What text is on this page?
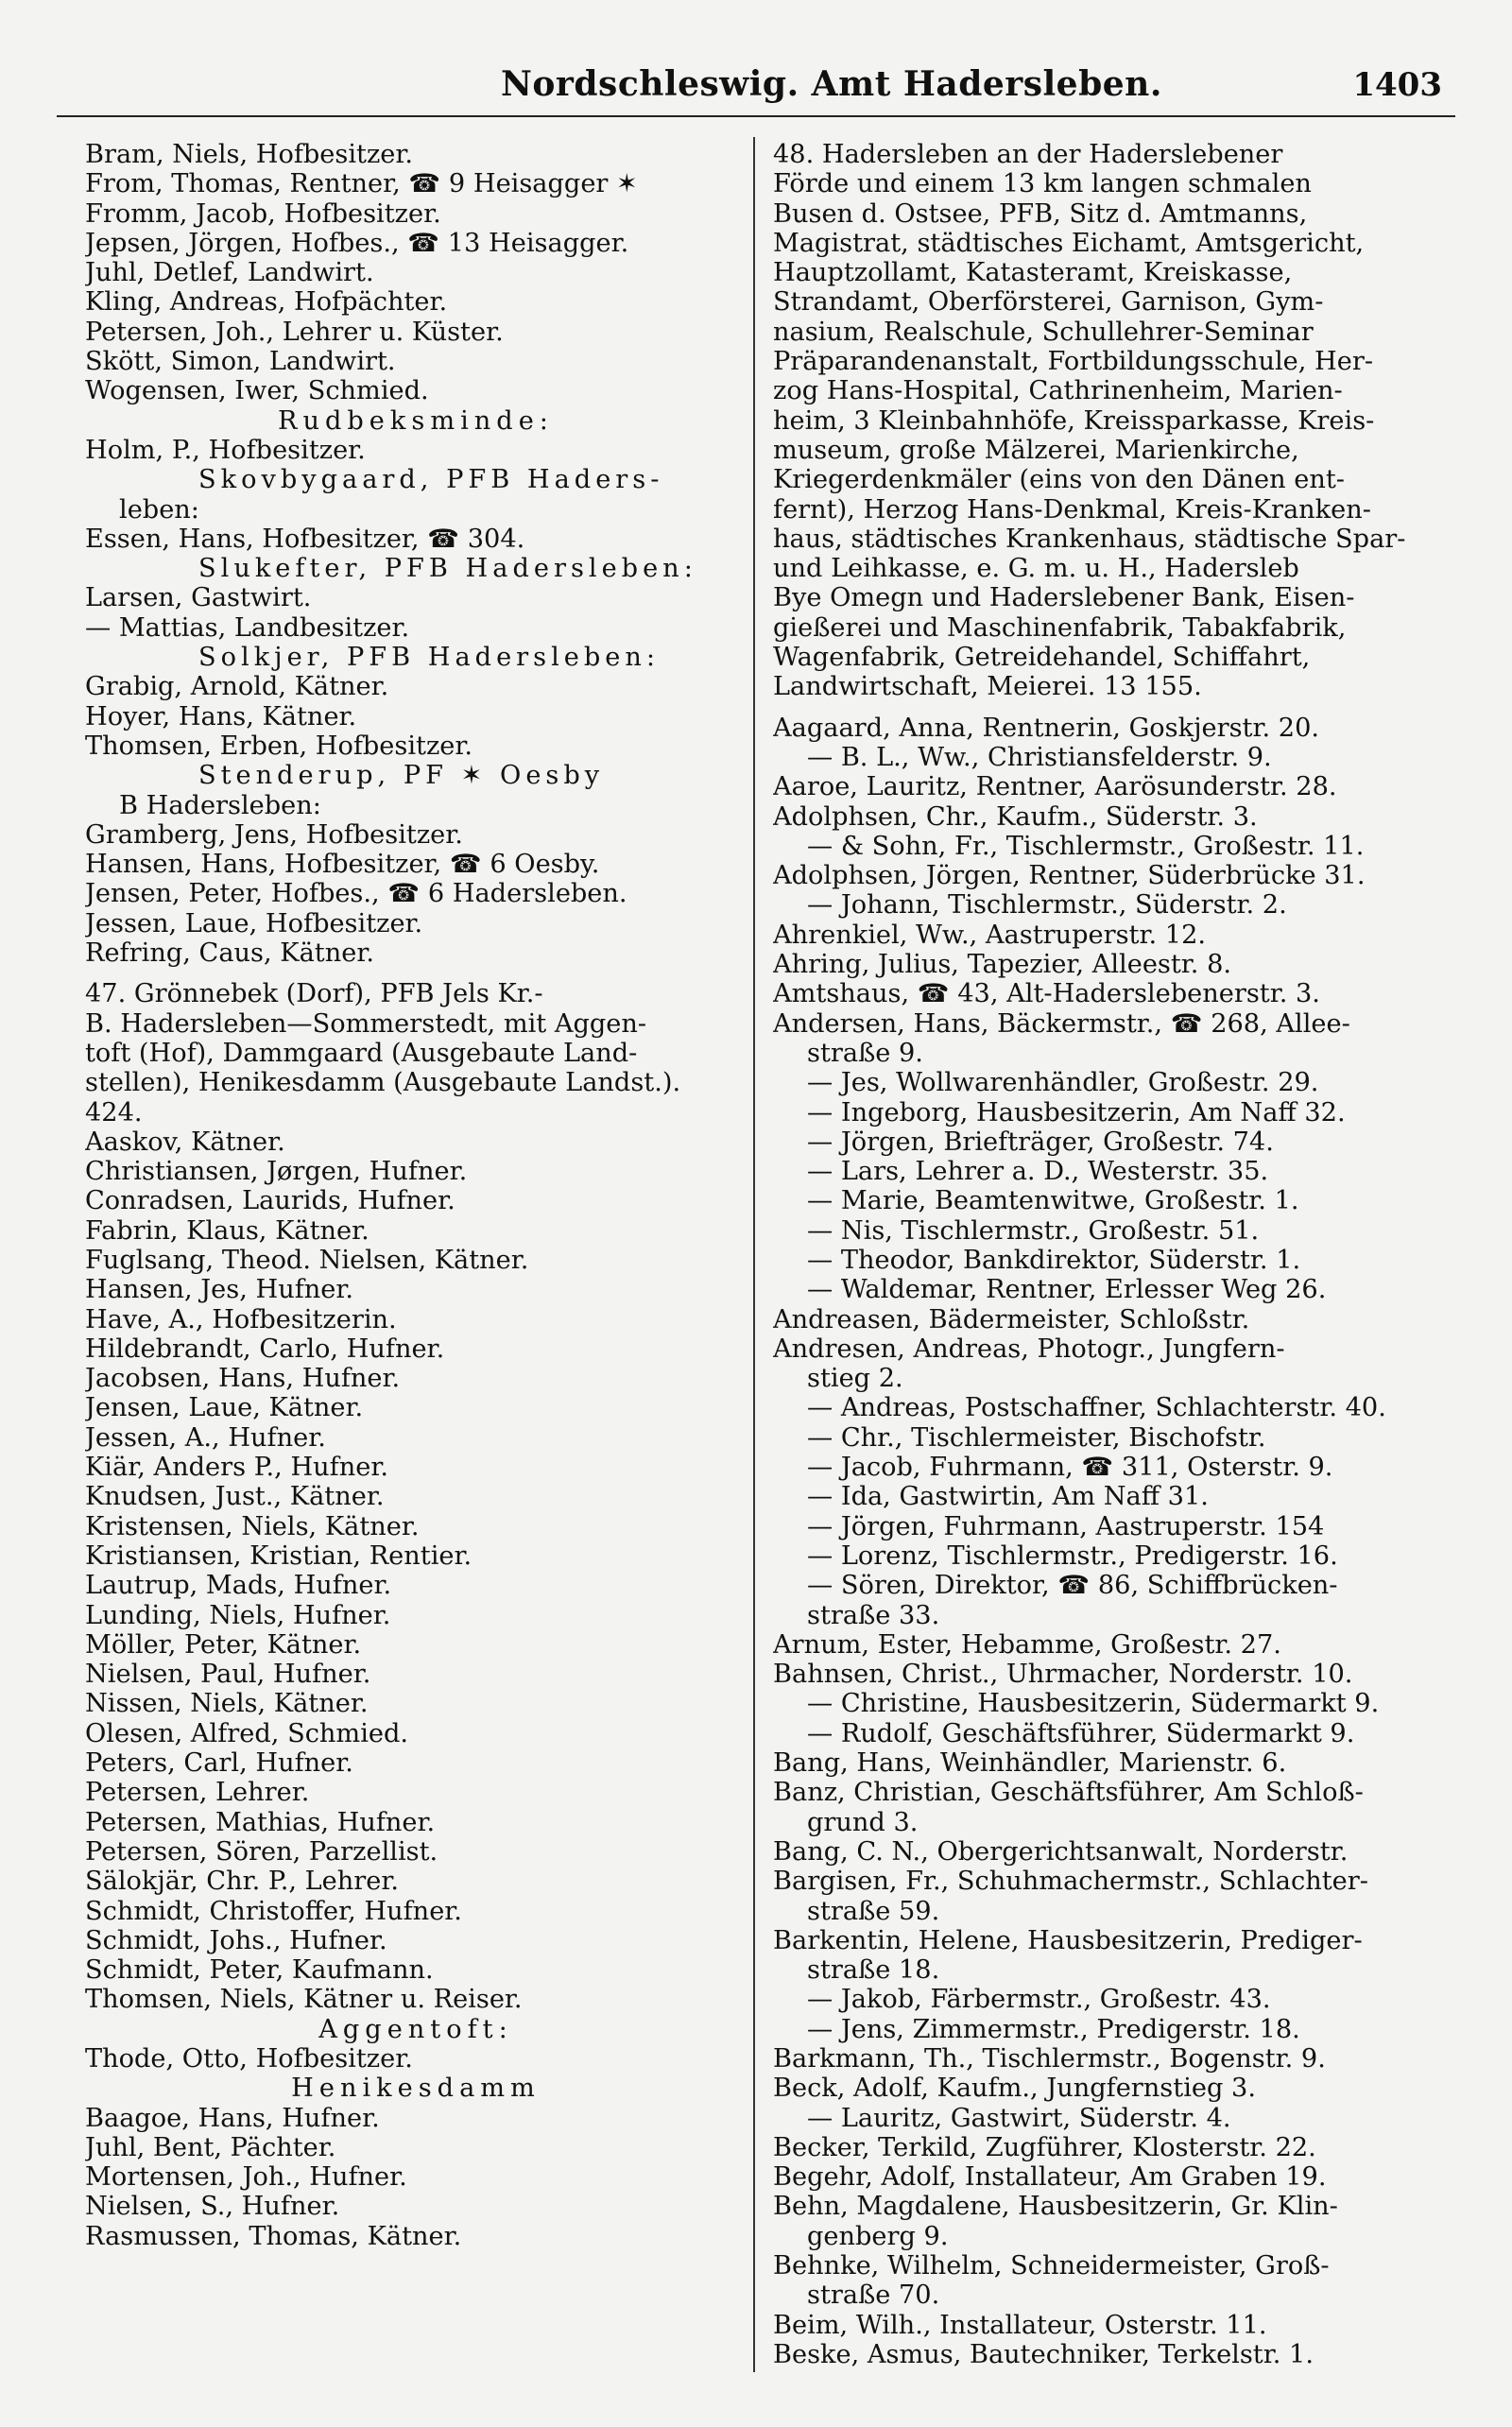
Nordschleswig. Amt Hadersleben.	1403
Bram, Niels, Hofbesitzer.
From, Thomas, Rentner, ☎ 9 Heisagger ✶
Fromm, Jacob, Hofbesitzer.
Jepsen, Jörgen, Hofbes., ☎ 13 Heisagger.
Juhl, Detlef, Landwirt.
Kling, Andreas, Hofpächter.
Petersen, Joh., Lehrer u. Küster.
Skött, Simon, Landwirt.
Wogensen, Iwer, Schmied.
Rudbeksminde:
Holm, P., Hofbesitzer.
Skovbygaard, PFB Haders-
leben:
Essen, Hans, Hofbesitzer, ☎ 304.
Slukefter, PFB Hadersleben:
Larsen, Gastwirt.
— Mattias, Landbesitzer.
Solkjer, PFB Hadersleben:
Grabig, Arnold, Kätner.
Hoyer, Hans, Kätner.
Thomsen, Erben, Hofbesitzer.
Stenderup, PF ✶ Oesby
B Hadersleben:
Gramberg, Jens, Hofbesitzer.
Hansen, Hans, Hofbesitzer, ☎ 6 Oesby.
Jensen, Peter, Hofbes., ☎ 6 Hadersleben.
Jessen, Laue, Hofbesitzer.
Refring, Caus, Kätner.
47. Grönnebek (Dorf), PFB Jels Kr.-
B. Hadersleben—Sommerstedt, mit Aggen-
toft (Hof), Dammgaard (Ausgebaute Land-
stellen), Henikesdamm (Ausgebaute Landst.).
424.
Aaskov, Kätner.
Christiansen, Jørgen, Hufner.
Conradsen, Laurids, Hufner.
Fabrin, Klaus, Kätner.
Fuglsang, Theod. Nielsen, Kätner.
Hansen, Jes, Hufner.
Have, A., Hofbesitzerin.
Hildebrandt, Carlo, Hufner.
Jacobsen, Hans, Hufner.
Jensen, Laue, Kätner.
Jessen, A., Hufner.
Kiär, Anders P., Hufner.
Knudsen, Just., Kätner.
Kristensen, Niels, Kätner.
Kristiansen, Kristian, Rentier.
Lautrup, Mads, Hufner.
Lunding, Niels, Hufner.
Möller, Peter, Kätner.
Nielsen, Paul, Hufner.
Nissen, Niels, Kätner.
Olesen, Alfred, Schmied.
Peters, Carl, Hufner.
Petersen, Lehrer.
Petersen, Mathias, Hufner.
Petersen, Sören, Parzellist.
Sälokjär, Chr. P., Lehrer.
Schmidt, Christoffer, Hufner.
Schmidt, Johs., Hufner.
Schmidt, Peter, Kaufmann.
Thomsen, Niels, Kätner u. Reiser.
Aggentoft:
Thode, Otto, Hofbesitzer.
Henikesdamm
Baagoe, Hans, Hufner.
Juhl, Bent, Pächter.
Mortensen, Joh., Hufner.
Nielsen, S., Hufner.
Rasmussen, Thomas, Kätner.
48. Hadersleben an der Haderslebener
Förde und einem 13 km langen schmalen
Busen d. Ostsee, PFB, Sitz d. Amtmanns,
Magistrat, städtisches Eichamt, Amtsgericht,
Hauptzollamt, Katasteramt, Kreiskasse,
Strandamt, Oberförsterei, Garnison, Gym-
nasium, Realschule, Schullehrer-Seminar
Präparandenanstalt, Fortbildungsschule, Her-
zog Hans-Hospital, Cathrinenheim, Marien-
heim, 3 Kleinbahnhöfe, Kreissparkasse, Kreis-
museum, große Mälzerei, Marienkirche,
Kriegerdenkmäler (eins von den Dänen ent-
fernt), Herzog Hans-Denkmal, Kreis-Kranken-
haus, städtisches Krankenhaus, städtische Spar-
und Leihkasse, e. G. m. u. H., Hadersleb
Bye Omegn und Haderslebener Bank, Eisen-
gießerei und Maschinenfabrik, Tabakfabrik,
Wagenfabrik, Getreidehandel, Schiffahrt,
Landwirtschaft, Meierei. 13 155.
Aagaard, Anna, Rentnerin, Goskjerstr. 20.
— B. L., Ww., Christiansfelderstr. 9.
Aaroe, Lauritz, Rentner, Aarösunderstr. 28.
Adolphsen, Chr., Kaufm., Süderstr. 3.
— & Sohn, Fr., Tischlermstr., Großestr. 11.
Adolphsen, Jörgen, Rentner, Süderbrücke 31.
— Johann, Tischlermstr., Süderstr. 2.
Ahrenkiel, Ww., Aastruperstr. 12.
Ahring, Julius, Tapezier, Alleestr. 8.
Amtshaus, ☎ 43, Alt-Haderslebenerstr. 3.
Andersen, Hans, Bäckermstr., ☎ 268, Allee-
straße 9.
— Jes, Wollwarenhändler, Großestr. 29.
— Ingeborg, Hausbesitzerin, Am Naff 32.
— Jörgen, Briefträger, Großestr. 74.
— Lars, Lehrer a. D., Westerstr. 35.
— Marie, Beamtenwitwe, Großestr. 1.
— Nis, Tischlermstr., Großestr. 51.
— Theodor, Bankdirektor, Süderstr. 1.
— Waldemar, Rentner, Erlesser Weg 26.
Andreasen, Bädermeister, Schloßstr.
Andresen, Andreas, Photogr., Jungfern-
stieg 2.
— Andreas, Postschaffner, Schlachterstr. 40.
— Chr., Tischlermeister, Bischofstr.
— Jacob, Fuhrmann, ☎ 311, Osterstr. 9.
— Ida, Gastwirtin, Am Naff 31.
— Jörgen, Fuhrmann, Aastruperstr. 154
— Lorenz, Tischlermstr., Predigerstr. 16.
— Sören, Direktor, ☎ 86, Schiffbrücken-
straße 33.
Arnum, Ester, Hebamme, Großestr. 27.
Bahnsen, Christ., Uhrmacher, Norderstr. 10.
— Christine, Hausbesitzerin, Südermarkt 9.
— Rudolf, Geschäftsführer, Südermarkt 9.
Bang, Hans, Weinhändler, Marienstr. 6.
Banz, Christian, Geschäftsführer, Am Schloß-
grund 3.
Bang, C. N., Obergerichtsanwalt, Norderstr.
Bargisen, Fr., Schuhmachermstr., Schlachter-
straße 59.
Barkentin, Helene, Hausbesitzerin, Prediger-
straße 18.
— Jakob, Färbermstr., Großestr. 43.
— Jens, Zimmermstr., Predigerstr. 18.
Barkmann, Th., Tischlermstr., Bogenstr. 9.
Beck, Adolf, Kaufm., Jungfernstieg 3.
— Lauritz, Gastwirt, Süderstr. 4.
Becker, Terkild, Zugführer, Klosterstr. 22.
Begehr, Adolf, Installateur, Am Graben 19.
Behn, Magdalene, Hausbesitzerin, Gr. Klin-
genberg 9.
Behnke, Wilhelm, Schneidermeister, Groß-
straße 70.
Beim, Wilh., Installateur, Osterstr. 11.
Beske, Asmus, Bautechniker, Terkelstr. 1.
